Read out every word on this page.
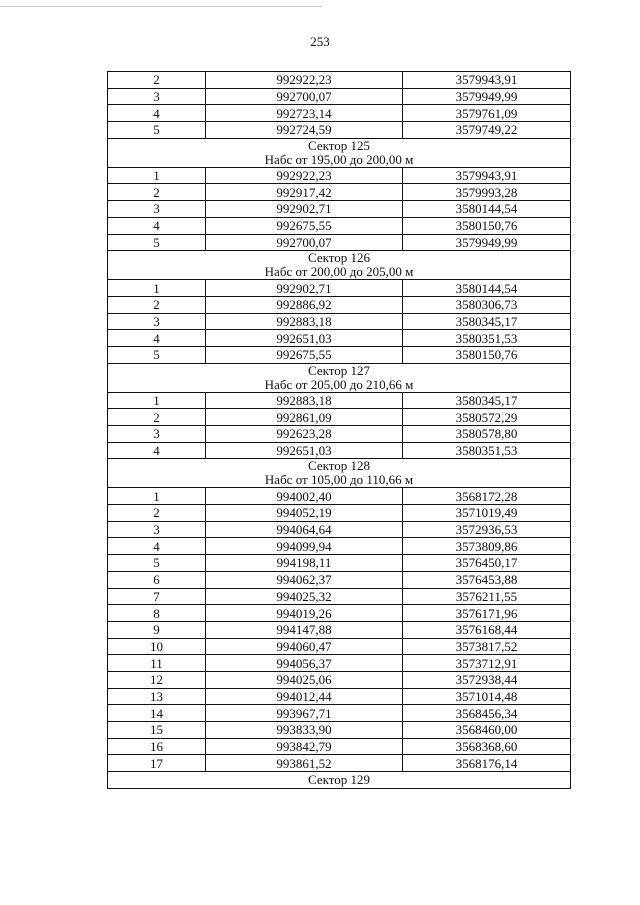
253
2	992922,23	3579943,91
3	992700,07	3579949,99
4	992723,14	3579761,09
5	992724,59	3579749,22

Сектор 125
Набс от 195,00 до 200,00 м		

1	992922,23	3579943,91
2	992917,42	3579993,28
3	992902,71	3580144,54
4	992675,55	3580150,76
5	992700,07	3579949,99

Сектор 126
Набс от 200,00 до 205,00 м		

1	992902,71	3580144,54
2	992886,92	3580306,73
3	992883,18	3580345,17
4	992651,03	3580351,53
5	992675,55	3580150,76

Сектор 127
Набс от 205,00 до 210,66 м		

1	992883,18	3580345,17
2	992861,09	3580572,29
3	992623,28	3580578,80
4	992651,03	3580351,53

Сектор 128
Набс от 105,00 до 110,66 м		

1	994002,40	3568172,28
2	994052,19	3571019,49
3	994064,64	3572936,53
4	994099,94	3573809,86
5	994198,11	3576450,17
6	994062,37	3576453,88
7	994025,32	3576211,55
8	994019,26	3576171,96
9	994147,88	3576168,44
10	994060,47	3573817,52
11	994056,37	3573712,91
12	994025,06	3572938,44
13	994012,44	3571014,48
14	993967,71	3568456,34
15	993833,90	3568460,00
16	993842,79	3568368,60
17	993861,52	3568176,14

Сектор 129		
